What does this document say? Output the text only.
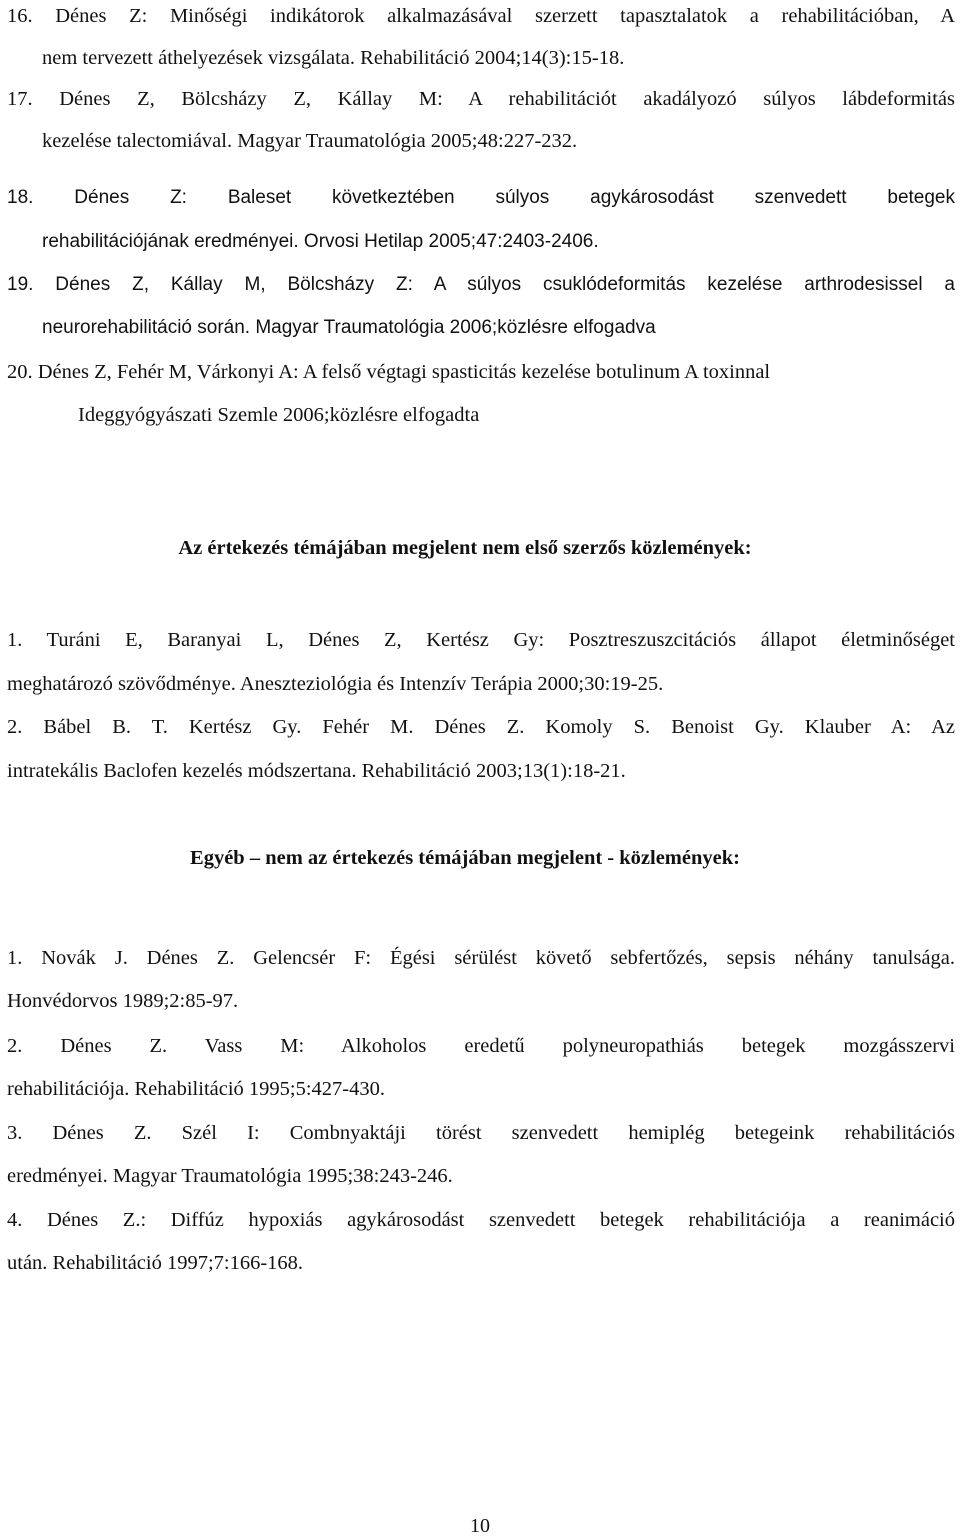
16. Dénes Z: Minőségi indikátorok alkalmazásával szerzett tapasztalatok a rehabilitációban, A
nem tervezett áthelyezések vizsgálata. Rehabilitáció 2004;14(3):15-18.
17. Dénes Z, Bölcsházy Z, Kállay M: A rehabilitációt akadályozó súlyos lábdeformitás
kezelése talectomiával. Magyar Traumatológia 2005;48:227-232.
18. Dénes Z: Baleset következtében súlyos agykárosodást szenvedett betegek
rehabilitációjának eredményei. Orvosi Hetilap 2005;47:2403-2406.
19. Dénes Z, Kállay M, Bölcsházy Z: A súlyos csuklódeformitás kezelése arthrodesissel a
neurorehabilitáció során. Magyar Traumatológia 2006;közlésre elfogadva
20. Dénes Z, Fehér M, Várkonyi A: A felső végtagi spasticitás kezelése botulinum A toxinnal
Ideggyógyászati Szemle 2006;közlésre elfogadta
Az értekezés témájában megjelent nem első szerzős közlemények:
1. Turáni E, Baranyai L, Dénes Z, Kertész Gy: Posztreszuszcitációs állapot életminőséget
meghatározó szövődménye. Aneszteziológia és Intenzív Terápia 2000;30:19-25.
2. Bábel B. T. Kertész Gy. Fehér M. Dénes Z. Komoly S. Benoist Gy. Klauber A: Az
intratekális Baclofen kezelés módszertana. Rehabilitáció 2003;13(1):18-21.
Egyéb – nem az értekezés témájában megjelent - közlemények:
1. Novák J. Dénes Z. Gelencsér F: Égési sérülést követő sebfertőzés, sepsis néhány tanulsága.
Honvédorvos 1989;2:85-97.
2. Dénes Z. Vass M: Alkoholos eredetű polyneuropathiás betegek mozgásszervi
rehabilitációja. Rehabilitáció 1995;5:427-430.
3. Dénes Z. Szél I: Combnyaktáji törést szenvedett hemiplég betegeink rehabilitációs
eredményei. Magyar Traumatológia 1995;38:243-246.
4. Dénes Z.: Diffúz hypoxiás agykárosodást szenvedett betegek rehabilitációja a reanimáció
után. Rehabilitáció 1997;7:166-168.
10
